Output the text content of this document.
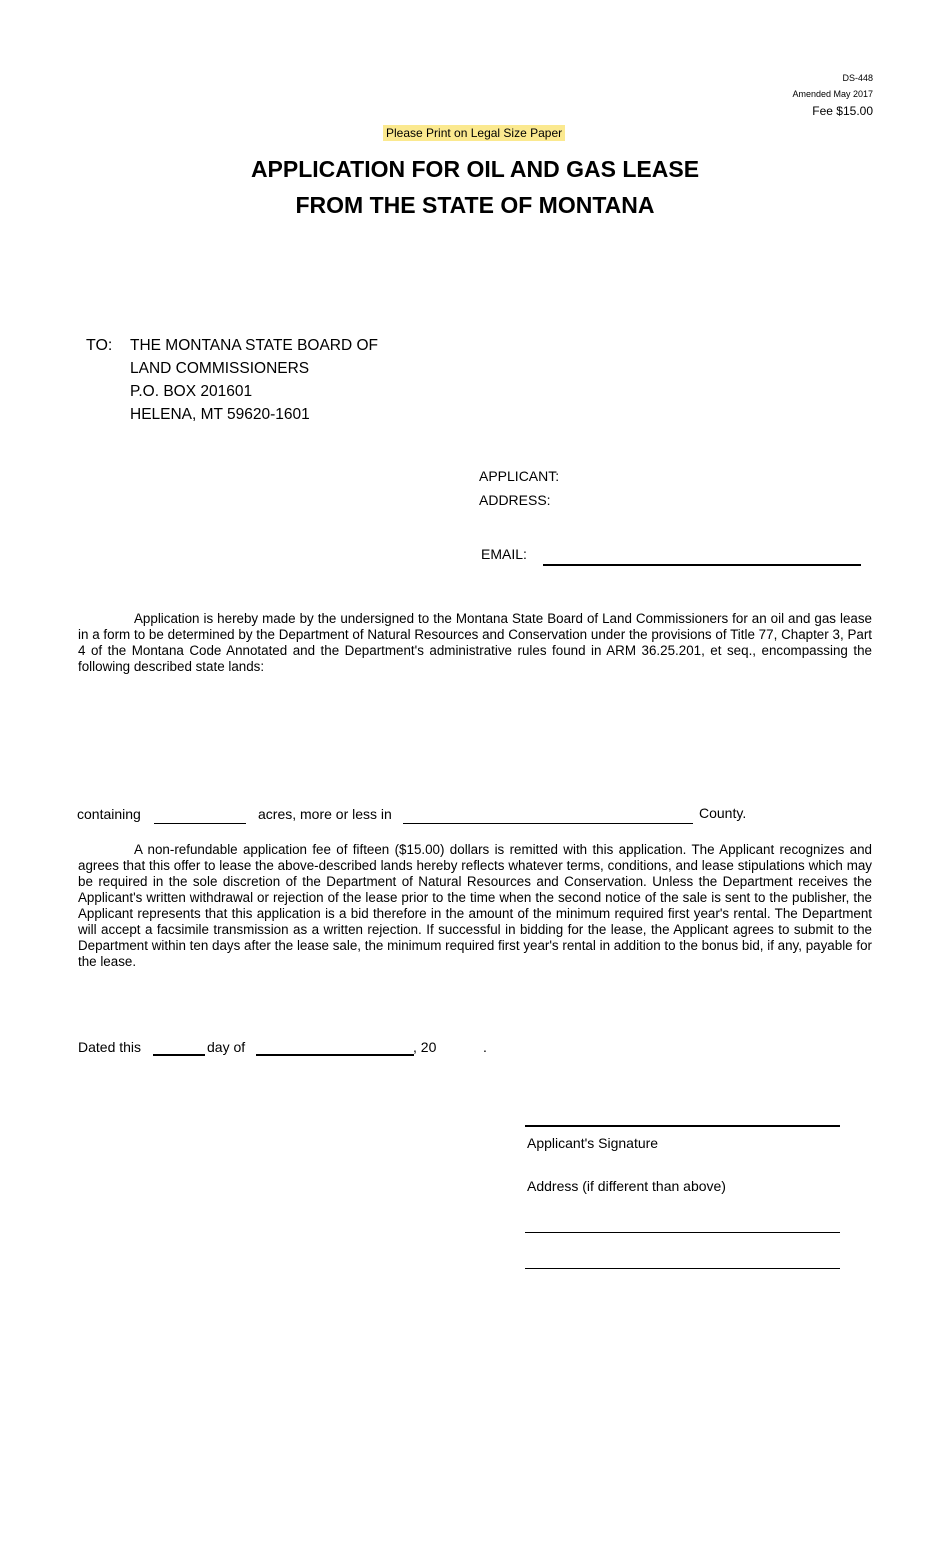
DS-448
Amended May 2017
Fee $15.00
Please Print on Legal Size Paper
APPLICATION FOR OIL AND GAS LEASE
FROM THE STATE OF MONTANA
TO: THE MONTANA STATE BOARD OF
LAND COMMISSIONERS
P.O. BOX 201601
HELENA, MT 59620-1601
APPLICANT:
ADDRESS:
EMAIL:
Application is hereby made by the undersigned to the Montana State Board of Land Commissioners for an oil and gas lease in a form to be determined by the Department of Natural Resources and Conservation under the provisions of Title 77, Chapter 3, Part 4 of the Montana Code Annotated and the Department's administrative rules found in ARM 36.25.201, et seq., encompassing the following described state lands:
containing	acres, more or less in	County.
A non-refundable application fee of fifteen ($15.00) dollars is remitted with this application. The Applicant recognizes and agrees that this offer to lease the above-described lands hereby reflects whatever terms, conditions, and lease stipulations which may be required in the sole discretion of the Department of Natural Resources and Conservation. Unless the Department receives the Applicant's written withdrawal or rejection of the lease prior to the time when the second notice of the sale is sent to the publisher, the Applicant represents that this application is a bid therefore in the amount of the minimum required first year's rental. The Department will accept a facsimile transmission as a written rejection. If successful in bidding for the lease, the Applicant agrees to submit to the Department within ten days after the lease sale, the minimum required first year's rental in addition to the bonus bid, if any, payable for the lease.
Dated this	day of	, 20	.
Applicant's Signature
Address (if different than above)
